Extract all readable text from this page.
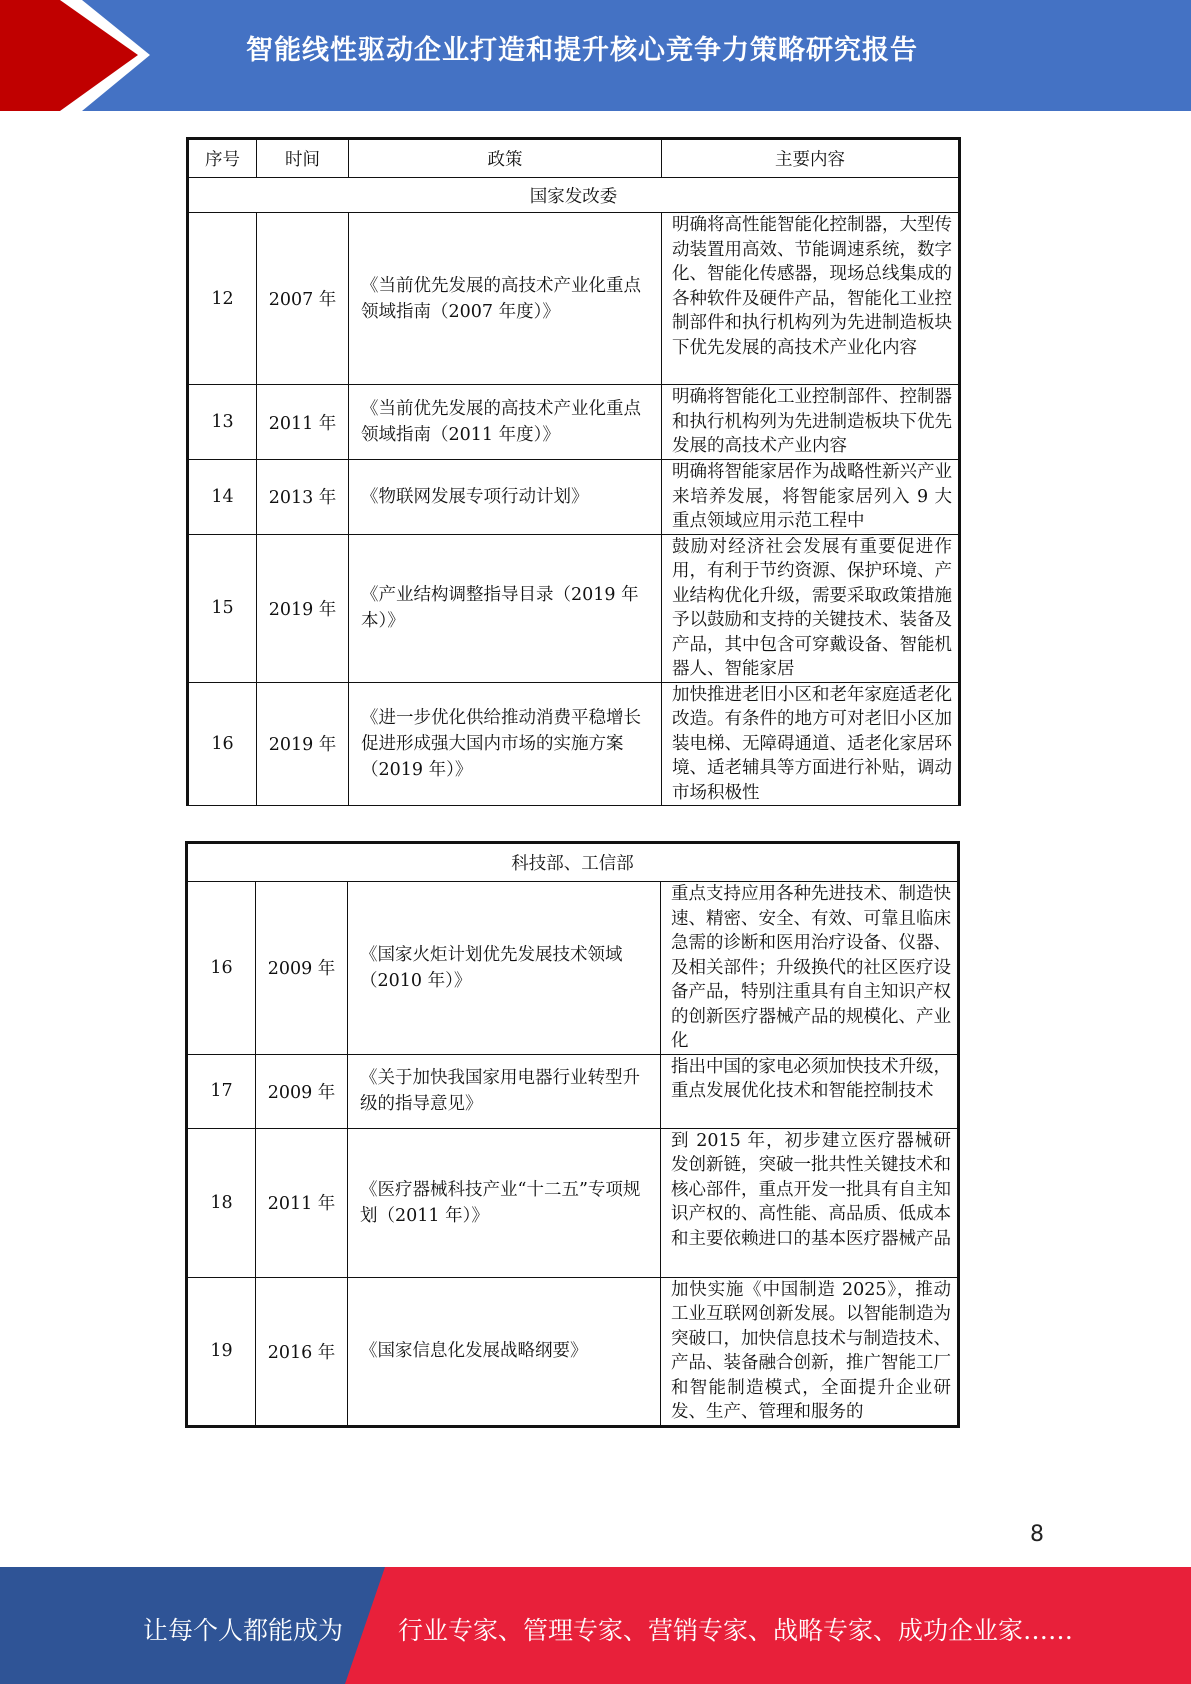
智能线性驱动企业打造和提升核心竞争力策略研究报告
序号	时间	政策	主要内容
国家发改委			
12	2007 年	《当前优先发展的高技术产业化重点领域指南（2007 年度）》	明确将高性能智能化控制器，大型传动装置用高效、节能调速系统，数字化、智能化传感器，现场总线集成的各种软件及硬件产品，智能化工业控制部件和执行机构列为先进制造板块下优先发展的高技术产业化内容
13	2011 年	《当前优先发展的高技术产业化重点领域指南（2011 年度）》	明确将智能化工业控制部件、控制器和执行机构列为先进制造板块下优先发展的高技术产业内容
14	2013 年	《物联网发展专项行动计划》	明确将智能家居作为战略性新兴产业来培养发展，将智能家居列入 9 大重点领域应用示范工程中
15	2019 年	《产业结构调整指导目录（2019 年本）》	鼓励对经济社会发展有重要促进作用，有利于节约资源、保护环境、产业结构优化升级，需要采取政策措施予以鼓励和支持的关键技术、装备及产品，其中包含可穿戴设备、智能机器人、智能家居
16	2019 年	《进一步优化供给推动消费平稳增长 促进形成强大国内市场的实施方案（2019 年）》	加快推进老旧小区和老年家庭适老化改造。有条件的地方可对老旧小区加装电梯、无障碍通道、适老化家居环境、适老辅具等方面进行补贴，调动市场积极性
科技部、工信部			
16	2009 年	《国家火炬计划优先发展技术领域（2010 年）》	重点支持应用各种先进技术、制造快速、精密、安全、有效、可靠且临床急需的诊断和医用治疗设备、仪器、及相关部件；升级换代的社区医疗设备产品，特别注重具有自主知识产权的创新医疗器械产品的规模化、产业化
17	2009 年	《关于加快我国家用电器行业转型升级的指导意见》	指出中国的家电必须加快技术升级，重点发展优化技术和智能控制技术
18	2011 年	《医疗器械科技产业“十二五”专项规划（2011 年）》	到 2015 年，初步建立医疗器械研发创新链，突破一批共性关键技术和核心部件，重点开发一批具有自主知识产权的、高性能、高品质、低成本和主要依赖进口的基本医疗器械产品
19	2016 年	《国家信息化发展战略纲要》	加快实施《中国制造 2025》，推动工业互联网创新发展。以智能制造为突破口，加快信息技术与制造技术、产品、装备融合创新，推广智能工厂和智能制造模式，全面提升企业研发、生产、管理和服务的
8
让每个人都能成为 行业专家、管理专家、营销专家、战略专家、成功企业家……
